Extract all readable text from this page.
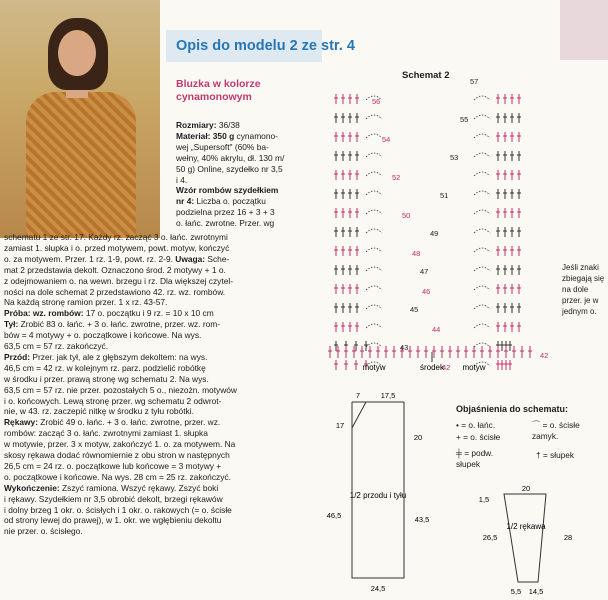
Opis do modelu 2 ze str. 4
Bluzka w kolorze cynamonowym
Rozmiary: 36/38
Materiał: 350 g cynamono-
wej „Supersoft" (60% ba-
wełny, 40% akrylu, dł. 130 m/
50 g) Online, szydełko nr 3,5
i 4.
Wzór rombów szydełkiem
nr 4: Liczba o. początku
podzielna przez 16 + 3 + 3
o. łańc. zwrotne. Przer. wg
schematu 1 ze str. 17. Każdy rz. zacząć 3 o. łańc. zwrotnymi
zamiast 1. słupka i o. przed motywem, powt. motyw, kończyć
o. za motywem. Przer. 1 rz. 1-9, powt. rz. 2-9. Uwaga: Sche-
mat 2 przedstawia dekolt. Oznaczono środ. 2 motywy + 1 o.
z odejmowaniem o. na wewn. brzegu i rz. Dla większej czytel-
ności na dole schemat 2 przedstawiono 42. rz. wz. rombów.
Na każdą stronę ramion przer. 1 x rz. 43-57.
Próba: wz. rombów: 17 o. początku i 9 rz. = 10 x 10 cm
Tył: Zrobić 83 o. łańc. + 3 o. łańc. zwrotne, przer. wz. rom-
bów = 4 motywy + o. początkowe i końcowe. Na wys.
63,5 cm = 57 rz. zakończyć.
Przód: Przer. jak tył, ale z głębszym dekoltem: na wys.
46,5 cm = 42 rz. w kolejnym rz. parz. podzielić robótkę
w środku i przer. prawą stronę wg schematu 2. Na wys.
63,5 cm = 57 rz. nie przer. pozostałych 5 o., niezożn. motywów
i o. końcowych. Lewą stronę przer. wg schematu 2 odwrot-
nie, w 43. rz. zaczepić nitkę w środku z tyłu robótki.
Rękawy: Zrobić 49 o. łańc. + 3 o. łańc. zwrotne, przer. wz.
rombów: zacząć 3 o. łańc. zwrotnymi zamiast 1. słupka
w motywie, przer. 3 x motyw, zakończyć 1. o. za motywem. Na
skosy rękawa dodać równomiernie z obu stron w następnych
26,5 cm = 24 rz. o. początkowe lub końcowe = 3 motywy +
o. początkowe i końcowe. Na wys. 28 cm = 25 rz. zakończyć.
Wykończenie: Zszyć ramiona. Wszyć rękawy. Zszyć boki
i rękawy. Szydełkiem nr 3,5 obrobić dekolt, brzegi rękawów
i dolny brzeg 1 okr. o. ścisłych i 1 okr. o. rakowych (= o. ścisłe
od strony lewej do prawej), w 1. okr. we wgłębieniu dekoltu
nie przer. o. ścisłego.
Schemat 2
56
54
52
50
48
46
44
42
57
55
53
51
49
47
45
43
42
motyw	motyw
środek
Jeśli znaki zbiegają się na dole przer. je w jednym o.
7	17,5
17
20
46,5	43,5
24,5
1/2 przodu i tyłu
20
1,5
26,5	28
5,5 14,5
1/2 rękawa
Objaśnienia do schematu:
• = o. łańc.
+ = o. ścisłe
⌒ = o. ścisłe zamyk.
╪ = podw. słupek
† = słupek
